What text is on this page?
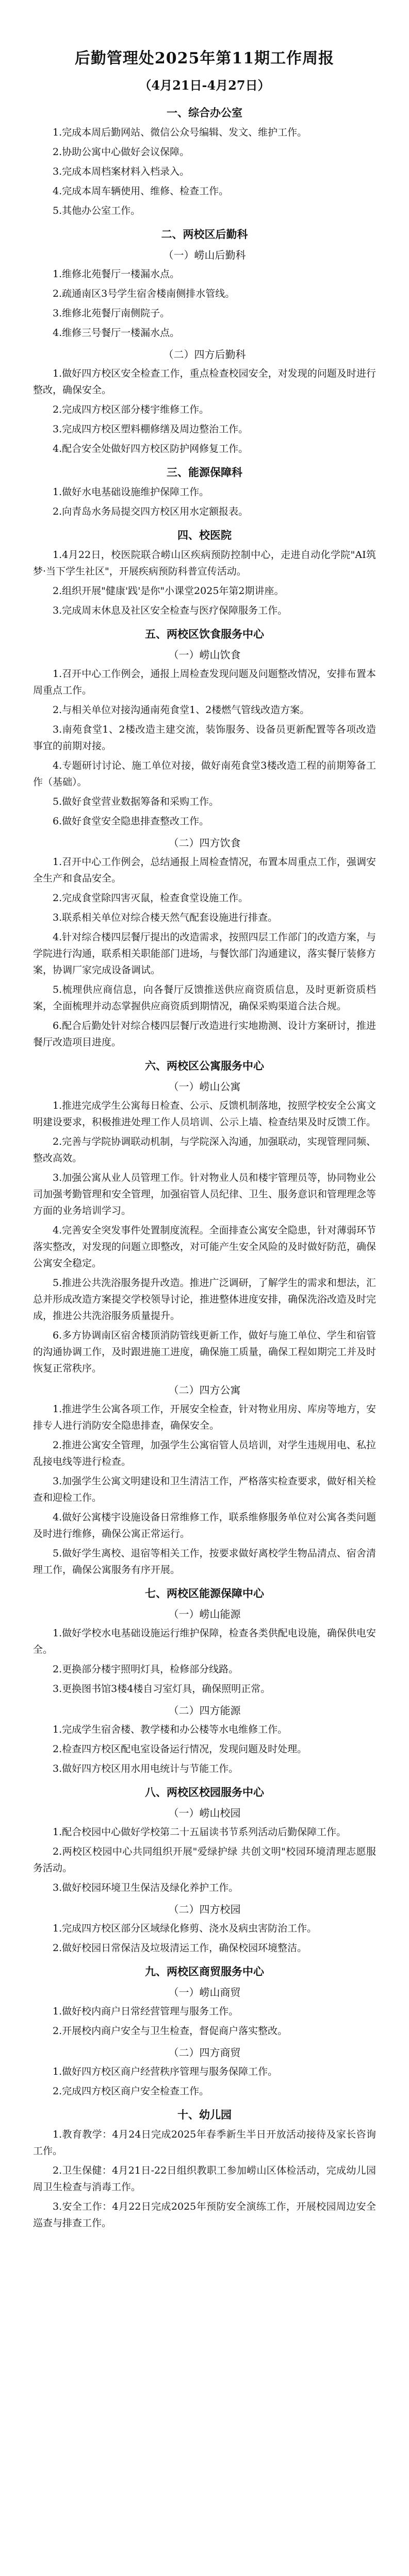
后勤管理处2025年第11期工作周报
（4月21日-4月27日）
一、综合办公室
1.完成本周后勤网站、微信公众号编辑、发文、维护工作。
2.协助公寓中心做好会议保障。
3.完成本周档案材料入档录入。
4.完成本周车辆使用、维修、检查工作。
5.其他办公室工作。
二、两校区后勤科
（一）崂山后勤科
1.维修北苑餐厅一楼漏水点。
2.疏通南区3号学生宿舍楼南侧排水管线。
3.维修北苑餐厅南侧院子。
4.维修三号餐厅一楼漏水点。
（二）四方后勤科
1.做好四方校区安全检查工作，重点检查校园安全，对发现的问题及时进行整改，确保安全。
2.完成四方校区部分楼宇维修工作。
3.完成四方校区塑料棚修缮及周边整治工作。
4.配合安全处做好四方校区防护网修复工作。
三、能源保障科
1.做好水电基础设施维护保障工作。
2.向青岛水务局提交四方校区用水定额报表。
四、校医院
1.4月22日，校医院联合崂山区疾病预防控制中心，走进自动化学院"AI筑梦·当下学生社区"，开展疾病预防科普宣传活动。
2.组织开展"健康'践'是你"小课堂2025年第2期讲座。
3.完成周末休息及社区安全检查与医疗保障服务工作。
五、两校区饮食服务中心
（一）崂山饮食
1.召开中心工作例会，通报上周检查发现问题及问题整改情况，安排布置本周重点工作。
2.与相关单位对接沟通南苑食堂1、2楼燃气管线改造方案。
3.南苑食堂1、2楼改造主建交流，装饰服务、设备员更新配置等各项改造事宜的前期对接。
4.专题研讨讨论、施工单位对接，做好南苑食堂3楼改造工程的前期筹备工作（基础）。
5.做好食堂营业数据筹备和采购工作。
6.做好食堂安全隐患排查整改工作。
（二）四方饮食
1.召开中心工作例会，总结通报上周检查情况，布置本周重点工作，强调安全生产和食品安全。
2.完成食堂除四害灭鼠，检查食堂设施工作。
3.联系相关单位对综合楼天然气配套设施进行排查。
4.针对综合楼四层餐厅提出的改造需求，按照四层工作部门的改造方案，与学院进行沟通，联系相关职能部门进场，与餐饮部门沟通建议，落实餐厅装修方案，协调厂家完成设备调试。
5.梳理供应商信息，向各餐厅反馈推送供应商资质信息，及时更新资质档案，全面梳理并动态掌握供应商资质到期情况，确保采购渠道合法合规。
6.配合后勤处针对综合楼四层餐厅改造进行实地勘测、设计方案研讨，推进餐厅改造项目进度。
六、两校区公寓服务中心
（一）崂山公寓
1.推进完成学生公寓每日检查、公示、反馈机制落地，按照学校安全公寓文明建设要求，积极推进处理工作人员培训、公示上墙、检查结果及时反馈工作。
2.完善与学院协调联动机制，与学院深入沟通，加强联动，实现管理同频、整改高效。
3.加强公寓从业人员管理工作。针对物业人员和楼宇管理员等，协同物业公司加强考勤管理和安全管理，加强宿管人员纪律、卫生、服务意识和管理理念等方面的业务培训学习。
4.完善安全突发事件处置制度流程。全面排查公寓安全隐患，针对薄弱环节落实整改，对发现的问题立即整改，对可能产生安全风险的及时做好防范，确保公寓安全稳定。
5.推进公共洗浴服务提升改造。推进广泛调研，了解学生的需求和想法，汇总并形成改造方案提交学校领导讨论，推进整体进度安排，确保洗浴改造及时完成，推进公共洗浴服务质量提升。
6.多方协调南区宿舍楼顶消防管线更新工作，做好与施工单位、学生和宿管的沟通协调工作，及时跟进施工进度，确保施工质量，确保工程如期完工并及时恢复正常秩序。
（二）四方公寓
1.推进学生公寓各项工作，开展安全检查，针对物业用房、库房等地方，安排专人进行消防安全隐患排查，确保安全。
2.推进公寓安全管理，加强学生公寓宿管人员培训，对学生违规用电、私拉乱接电线等进行检查。
3.加强学生公寓文明建设和卫生清洁工作，严格落实检查要求，做好相关检查和迎检工作。
4.做好公寓楼宇设施设备日常维修工作，联系维修服务单位对公寓各类问题及时进行维修，确保公寓正常运行。
5.做好学生离校、退宿等相关工作，按要求做好离校学生物品清点、宿舍清理工作，确保公寓服务有序开展。
七、两校区能源保障中心
（一）崂山能源
1.做好学校水电基础设施运行维护保障，检查各类供配电设施，确保供电安全。
2.更换部分楼宇照明灯具，检修部分线路。
3.更换图书馆3楼4楼自习室灯具，确保照明正常。
（二）四方能源
1.完成学生宿舍楼、教学楼和办公楼等水电维修工作。
2.检查四方校区配电室设备运行情况，发现问题及时处理。
3.做好四方校区用水用电统计与节能工作。
八、两校区校园服务中心
（一）崂山校园
1.配合校园中心做好学校第二十五届读书节系列活动后勤保障工作。
2.两校区校园中心共同组织开展"爱绿护绿 共创文明"校园环境清理志愿服务活动。
3.做好校园环境卫生保洁及绿化养护工作。
（二）四方校园
1.完成四方校区部分区域绿化修剪、浇水及病虫害防治工作。
2.做好校园日常保洁及垃圾清运工作，确保校园环境整洁。
九、两校区商贸服务中心
（一）崂山商贸
1.做好校内商户日常经营管理与服务工作。
2.开展校内商户安全与卫生检查，督促商户落实整改。
（二）四方商贸
1.做好四方校区商户经营秩序管理与服务保障工作。
2.完成四方校区商户安全检查工作。
十、幼儿园
1.教育教学：4月24日完成2025年春季新生半日开放活动接待及家长咨询工作。
2.卫生保健：4月21日-22日组织教职工参加崂山区体检活动，完成幼儿园周卫生检查与消毒工作。
3.安全工作：4月22日完成2025年预防安全演练工作，开展校园周边安全巡查与排查工作。
